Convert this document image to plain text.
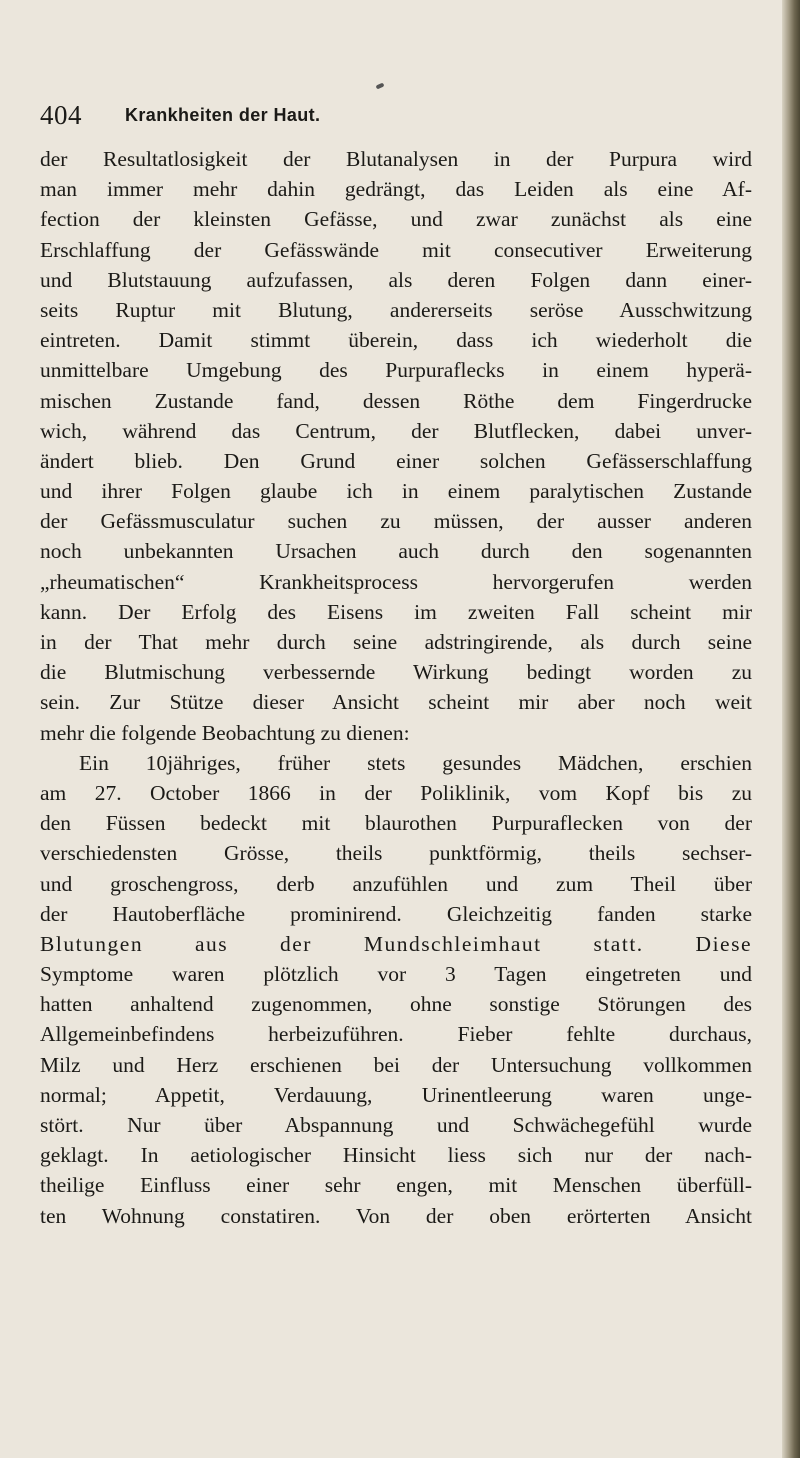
404 Krankheiten der Haut.
der Resultatlosigkeit der Blutanalysen in der Purpura wird
man immer mehr dahin gedrängt, das Leiden als eine Af-
fection der kleinsten Gefässe, und zwar zunächst als eine
Erschlaffung der Gefässwände mit consecutiver Erweiterung
und Blutstauung aufzufassen, als deren Folgen dann einer-
seits Ruptur mit Blutung, andererseits seröse Ausschwitzung
eintreten. Damit stimmt überein, dass ich wiederholt die
unmittelbare Umgebung des Purpuraflecks in einem hyperä-
mischen Zustande fand, dessen Röthe dem Fingerdrucke
wich, während das Centrum, der Blutflecken, dabei unver-
ändert blieb. Den Grund einer solchen Gefässerschlaffung
und ihrer Folgen glaube ich in einem paralytischen Zustande
der Gefässmusculatur suchen zu müssen, der ausser anderen
noch unbekannten Ursachen auch durch den sogenannten
„rheumatischen“ Krankheitsprocess hervorgerufen werden
kann. Der Erfolg des Eisens im zweiten Fall scheint mir
in der That mehr durch seine adstringirende, als durch seine
die Blutmischung verbessernde Wirkung bedingt worden zu
sein. Zur Stütze dieser Ansicht scheint mir aber noch weit
mehr die folgende Beobachtung zu dienen:
Ein 10jähriges, früher stets gesundes Mädchen, erschien
am 27. October 1866 in der Poliklinik, vom Kopf bis zu
den Füssen bedeckt mit blaurothen Purpuraflecken von der
verschiedensten Grösse, theils punktförmig, theils sechser-
und groschengross, derb anzufühlen und zum Theil über
der Hautoberfläche prominirend. Gleichzeitig fanden starke
Blutungen aus der Mundschleimhaut statt. Diese
Symptome waren plötzlich vor 3 Tagen eingetreten und
hatten anhaltend zugenommen, ohne sonstige Störungen des
Allgemeinbefindens herbeizuführen. Fieber fehlte durchaus,
Milz und Herz erschienen bei der Untersuchung vollkommen
normal; Appetit, Verdauung, Urinentleerung waren unge-
stört. Nur über Abspannung und Schwächegefühl wurde
geklagt. In aetiologischer Hinsicht liess sich nur der nach-
theilige Einfluss einer sehr engen, mit Menschen überfüll-
ten Wohnung constatiren. Von der oben erörterten Ansicht
